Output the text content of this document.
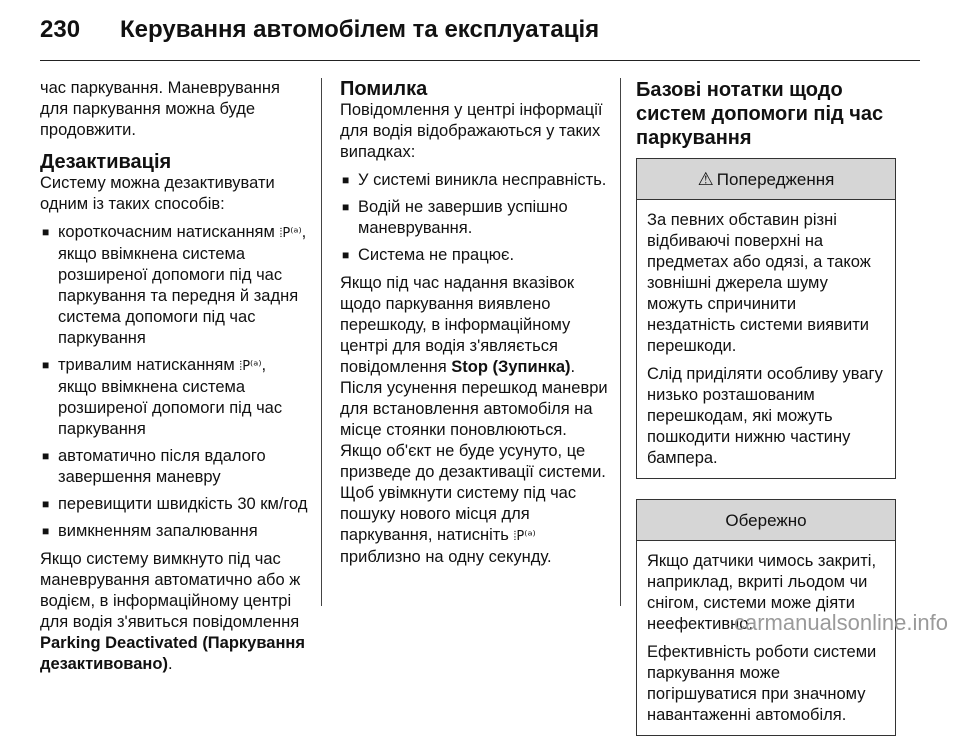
230 Керування автомобілем та експлуатація

час паркування. Маневрування для паркування можна буде продовжити.

Дезактивація

Систему можна дезактивувати одним із таких способів:

■ короткочасним натисканням ⦙P⁽ᵃ⁾, якщо ввімкнена система розширеної допомоги під час паркування та передня й задня система допомоги під час паркування
■ тривалим натисканням ⦙P⁽ᵃ⁾, якщо ввімкнена система розширеної допомоги під час паркування
■ автоматично після вдалого завершення маневру
■ перевищити швидкість 30 км/год
■ вимкненням запалювання

Якщо систему вимкнуто під час маневрування автоматично або ж водієм, в інформаційному центрі для водія з'явиться повідомлення Parking Deactivated (Паркування дезактивовано).

Помилка

Повідомлення у центрі інформації для водія відображаються у таких випадках:

■ У системі виникла несправність.
■ Водій не завершив успішно маневрування.
■ Система не працює.

Якщо під час надання вказівок щодо паркування виявлено перешкоду, в інформаційному центрі для водія з'являється повідомлення Stop (Зупинка). Після усунення перешкод маневри для встановлення автомобіля на місце стоянки поновлюються. Якщо об'єкт не буде усунуто, це призведе до дезактивації системи. Щоб увімкнути систему під час пошуку нового місця для паркування, натисніть ⦙P⁽ᵃ⁾ приблизно на одну секунду.

Базові нотатки щодо систем допомоги під час паркування
⚠ Попередження

За певних обставин різні відбиваючі поверхні на предметах або одязі, а також зовнішні джерела шуму можуть спричинити нездатність системи виявити перешкоди.

Слід приділяти особливу увагу низько розташованим перешкодам, які можуть пошкодити нижню частину бампера.

Обережно

Якщо датчики чимось закриті, наприклад, вкриті льодом чи снігом, системи може діяти неефективно.

Ефективність роботи системи паркування може погіршуватися при значному навантаженні автомобіля.

carmanualsonline.info
